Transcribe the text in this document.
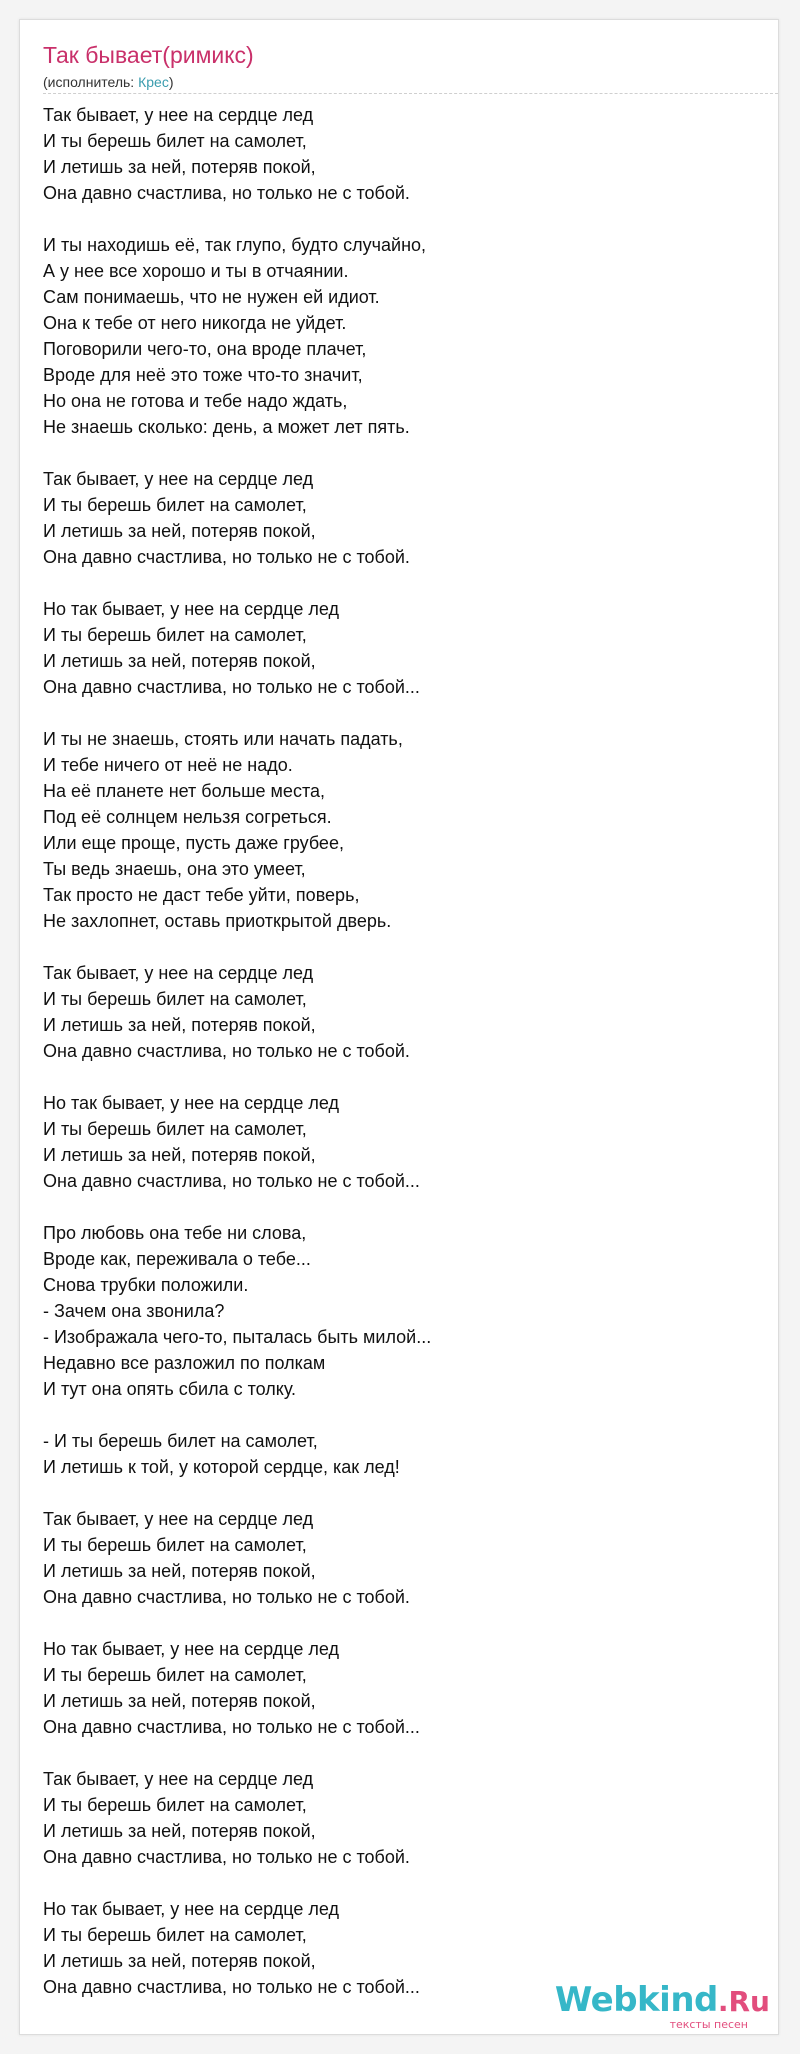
Так бывает(римикс)
(исполнитель: Крес)
Так бывает, у нее на сердце лед
И ты берешь билет на самолет,
И летишь за ней, потеряв покой,
Она давно счастлива, но только не с тобой.
И ты находишь её, так глупо, будто случайно,
А у нее все хорошо и ты в отчаянии.
Сам понимаешь, что не нужен ей идиот.
Она к тебе от него никогда не уйдет.
Поговорили чего-то, она вроде плачет,
Вроде для неё это тоже что-то значит,
Но она не готова и тебе надо ждать,
Не знаешь сколько: день, а может лет пять.
Так бывает, у нее на сердце лед
И ты берешь билет на самолет,
И летишь за ней, потеряв покой,
Она давно счастлива, но только не с тобой.
Но так бывает, у нее на сердце лед
И ты берешь билет на самолет,
И летишь за ней, потеряв покой,
Она давно счастлива, но только не с тобой...
И ты не знаешь, стоять или начать падать,
И тебе ничего от неё не надо.
На её планете нет больше места,
Под её солнцем нельзя согреться.
Или еще проще, пусть даже грубее,
Ты ведь знаешь, она это умеет,
Так просто не даст тебе уйти, поверь,
Не захлопнет, оставь приоткрытой дверь.
Так бывает, у нее на сердце лед
И ты берешь билет на самолет,
И летишь за ней, потеряв покой,
Она давно счастлива, но только не с тобой.
Но так бывает, у нее на сердце лед
И ты берешь билет на самолет,
И летишь за ней, потеряв покой,
Она давно счастлива, но только не с тобой...
Про любовь она тебе ни слова,
Вроде как, переживала о тебе...
Снова трубки положили.
- Зачем она звонила?
- Изображала чего-то, пыталась быть милой...
Недавно все разложил по полкам
И тут она опять сбила с толку.
- И ты берешь билет на самолет,
И летишь к той, у которой сердце, как лед!
Так бывает, у нее на сердце лед
И ты берешь билет на самолет,
И летишь за ней, потеряв покой,
Она давно счастлива, но только не с тобой.
Но так бывает, у нее на сердце лед
И ты берешь билет на самолет,
И летишь за ней, потеряв покой,
Она давно счастлива, но только не с тобой...
Так бывает, у нее на сердце лед
И ты берешь билет на самолет,
И летишь за ней, потеряв покой,
Она давно счастлива, но только не с тобой.
Но так бывает, у нее на сердце лед
И ты берешь билет на самолет,
И летишь за ней, потеряв покой,
Она давно счастлива, но только не с тобой...	Webkind.Ru
тексты песен
